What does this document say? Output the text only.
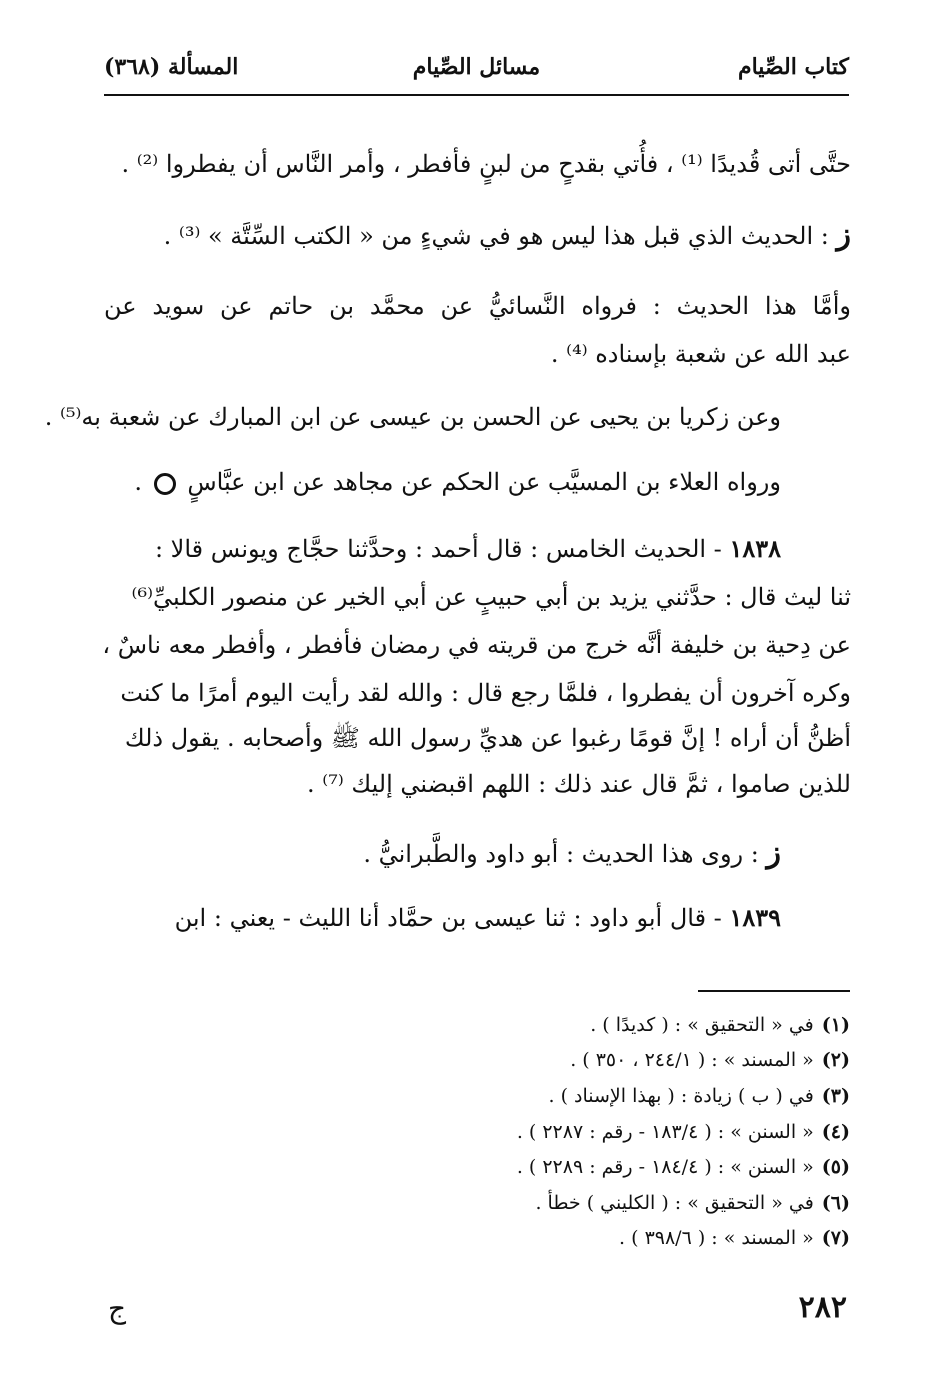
كتاب الصِّيام
مسائل الصِّيام
المسألة (٣٦٨)
حتَّى أتى قُديدًا ⁽¹⁾ ، فأُتي بقدحٍ من لبنٍ فأفطر ، وأمر النَّاس أن يفطروا ⁽²⁾ .
ز : الحديث الذي قبل هذا ليس هو في شيءٍ من « الكتب السِّتَّة » ⁽³⁾ .
وأمَّا هذا الحديث : فرواه النَّسائيُّ عن محمَّد بن حاتم عن سويد عن
عبد الله عن شعبة بإسناده ⁽⁴⁾ .
وعن زكريا بن يحيى عن الحسن بن عيسى عن ابن المبارك عن شعبة به⁽⁵⁾ .
ورواه العلاء بن المسيَّب عن الحكم عن مجاهد عن ابن عبَّاسٍ  .
١٨٣٨ - الحديث الخامس : قال أحمد : وحدَّثنا حجَّاج ويونس قالا :
ثنا ليث قال : حدَّثني يزيد بن أبي حبيبٍ عن أبي الخير عن منصور الكلبيِّ⁽⁶⁾
عن دِحية بن خليفة أنَّه خرج من قريته في رمضان فأفطر ، وأفطر معه ناسٌ ،
وكره آخرون أن يفطروا ، فلمَّا رجع قال : والله لقد رأيت اليوم أمرًا ما كنت
أظنُّ أن أراه ! إنَّ قومًا رغبوا عن هديِّ رسول الله ﷺ وأصحابه . يقول ذلك
للذين صاموا ، ثمَّ قال عند ذلك : اللهم اقبضني إليك ⁽⁷⁾ .
ز : روى هذا الحديث : أبو داود والطَّبرانيُّ .
١٨٣٩ - قال أبو داود : ثنا عيسى بن حمَّاد أنا الليث - يعني : ابن
(١)في « التحقيق » : ( كديدًا ) .
(٢)« المسند » : ( ٢٤٤/١ ، ٣٥٠ ) .
(٣)في ( ب ) زيادة : ( بهذا الإسناد ) .
(٤)« السنن » : ( ١٨٣/٤ - رقم : ٢٢٨٧ ) .
(٥)« السنن » : ( ١٨٤/٤ - رقم : ٢٢٨٩ ) .
(٦)في « التحقيق » : ( الكليني ) خطأ .
(٧)« المسند » : ( ٣٩٨/٦ ) .
٢٨٢
ج
